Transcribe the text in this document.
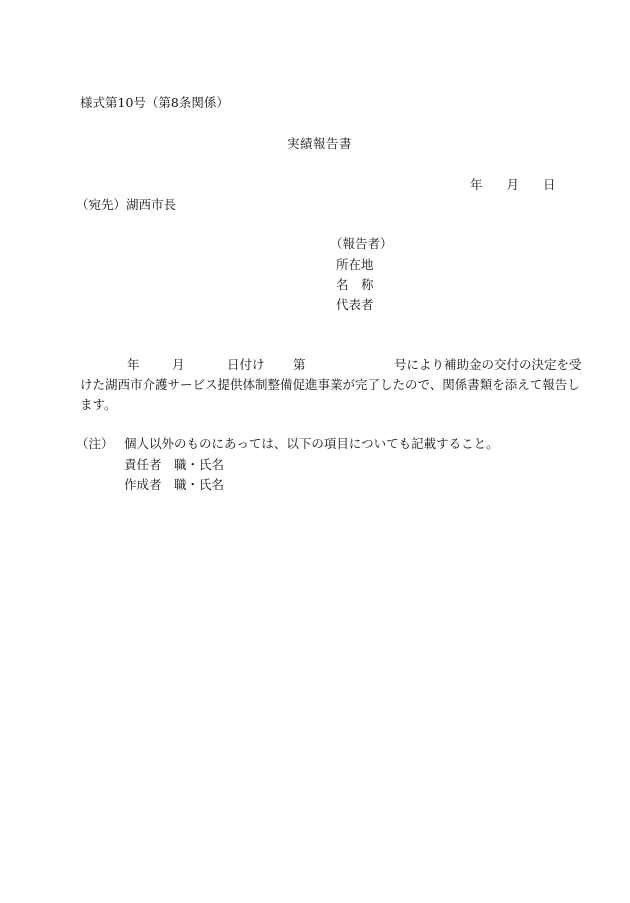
様式第10号（第8条関係）
実績報告書
年 月 日
（宛先）湖西市長
（報告者）
所在地
名　称
代表者
年	月	日付け 第	号により補助金の交付の決定を受
けた湖西市介護サービス提供体制整備促進事業が完了したので、関係書類を添えて報告し
ます。
（注） 個人以外のものにあっては、以下の項目についても記載すること。
責任者　職・氏名
作成者　職・氏名
